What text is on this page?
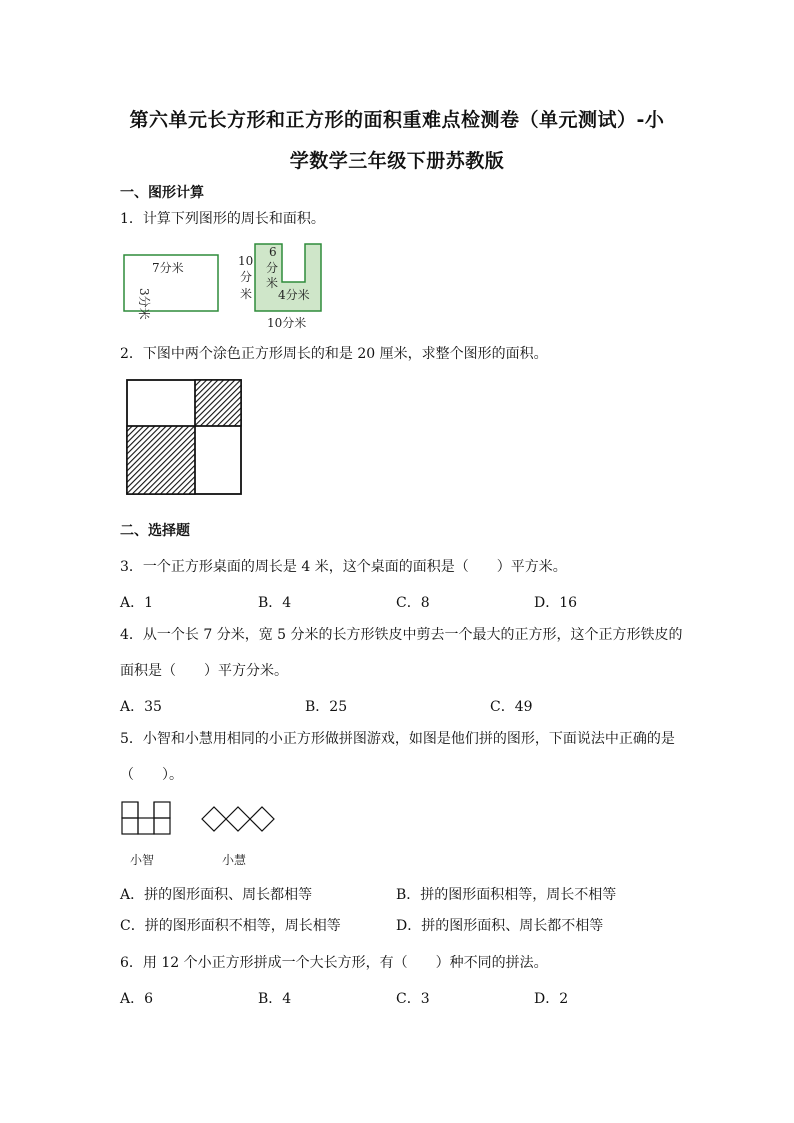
第六单元长方形和正方形的面积重难点检测卷（单元测试）-小
学数学三年级下册苏教版
一、图形计算
1．计算下列图形的周长和面积。
7分米
3分米
10
分
米
6
分
米
4分米
10分米
2．下图中两个涂色正方形周长的和是 20 厘米，求整个图形的面积。
二、选择题
3．一个正方形桌面的周长是 4 米，这个桌面的面积是（　　）平方米。
A．1	B．4	C．8	D．16
4．从一个长 7 分米，宽 5 分米的长方形铁皮中剪去一个最大的正方形，这个正方形铁皮的
面积是（　　）平方分米。
A．35	B．25	C．49
5．小智和小慧用相同的小正方形做拼图游戏，如图是他们拼的图形，下面说法中正确的是
（　　）。
小智	小慧
A．拼的图形面积、周长都相等	B．拼的图形面积相等，周长不相等
C．拼的图形面积不相等，周长相等	D．拼的图形面积、周长都不相等
6．用 12 个小正方形拼成一个大长方形，有（　　）种不同的拼法。
A．6	B．4	C．3	D．2
